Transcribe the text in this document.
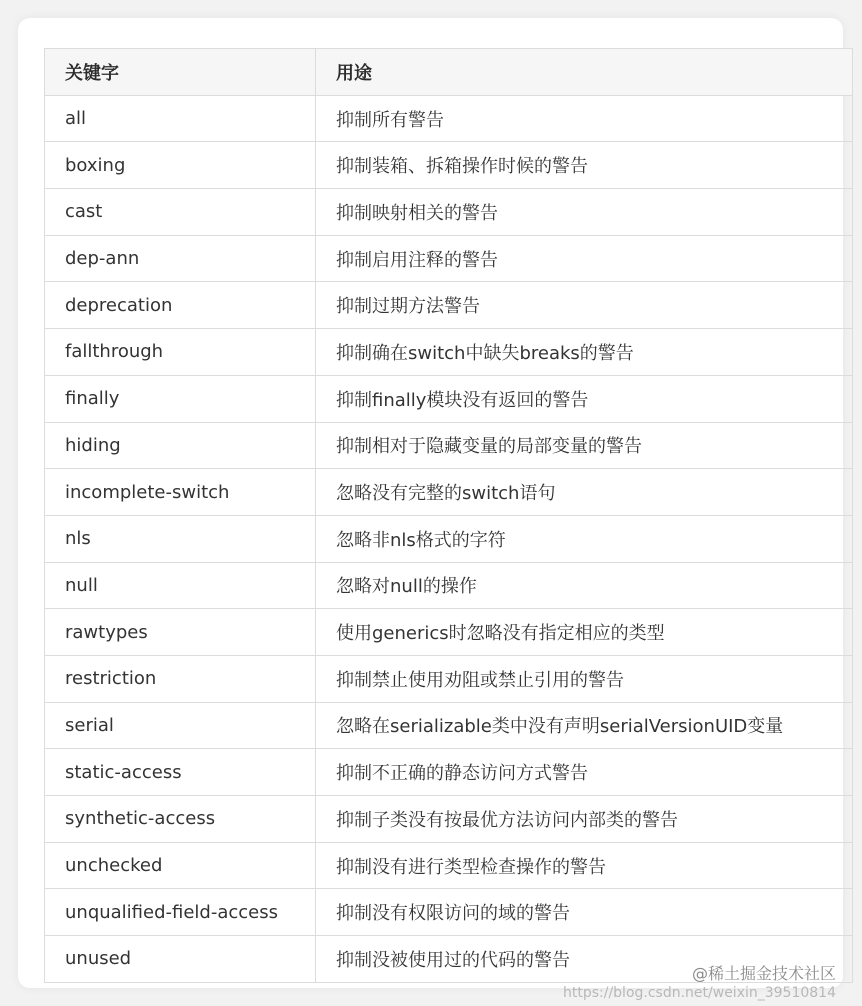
关键字	用途
all	抑制所有警告
boxing	抑制装箱、拆箱操作时候的警告
cast	抑制映射相关的警告
dep-ann	抑制启用注释的警告
deprecation	抑制过期方法警告
fallthrough	抑制确在switch中缺失breaks的警告
finally	抑制finally模块没有返回的警告
hiding	抑制相对于隐藏变量的局部变量的警告
incomplete-switch	忽略没有完整的switch语句
nls	忽略非nls格式的字符
null	忽略对null的操作
rawtypes	使用generics时忽略没有指定相应的类型
restriction	抑制禁止使用劝阻或禁止引用的警告
serial	忽略在serializable类中没有声明serialVersionUID变量
static-access	抑制不正确的静态访问方式警告
synthetic-access	抑制子类没有按最优方法访问内部类的警告
unchecked	抑制没有进行类型检查操作的警告
unqualified-field-access	抑制没有权限访问的域的警告
unused	抑制没被使用过的代码的警告
@稀土掘金技术社区
https://blog.csdn.net/weixin_39510814
